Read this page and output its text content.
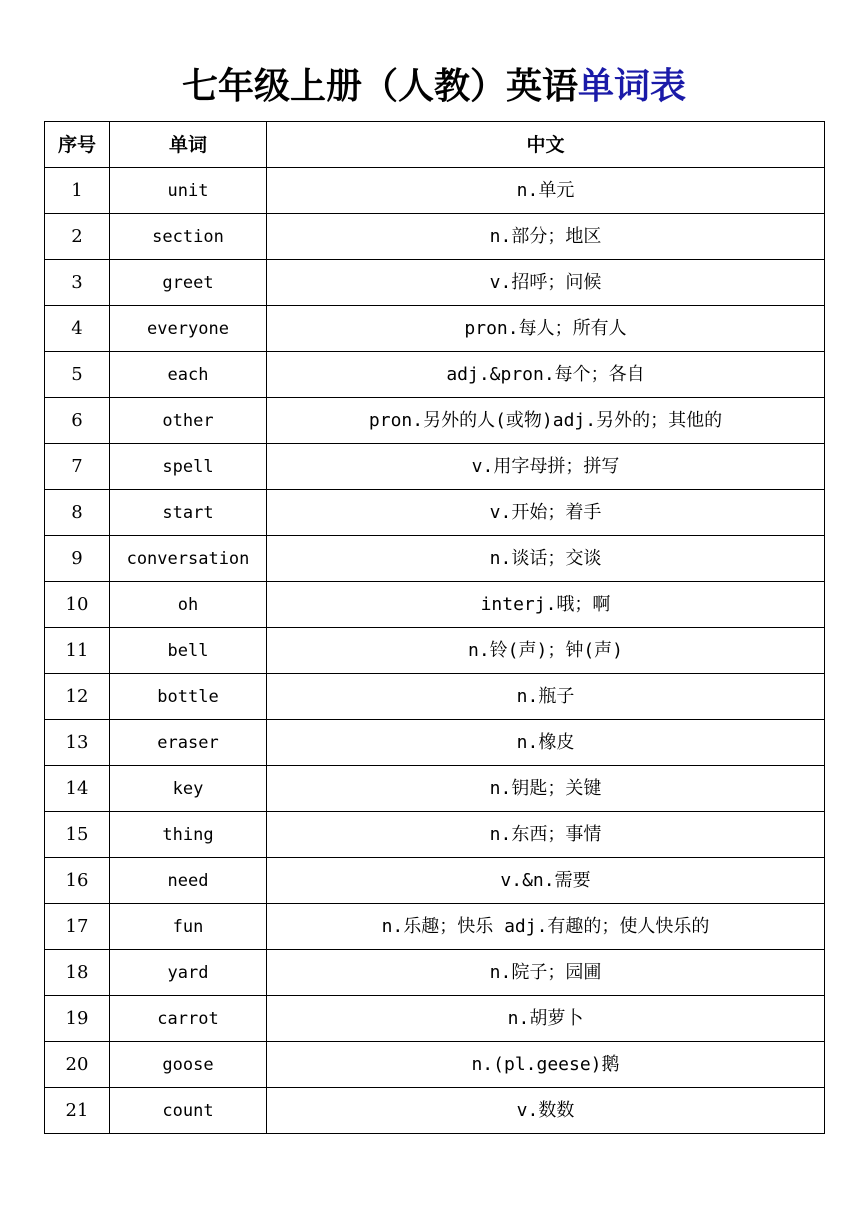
七年级上册（人教）英语单词表
序号	单词	中文
1	unit	n.单元
2	section	n.部分；地区
3	greet	v.招呼；问候
4	everyone	pron.每人；所有人
5	each	adj.&pron.每个；各自
6	other	pron.另外的人(或物)adj.另外的；其他的
7	spell	v.用字母拼；拼写
8	start	v.开始；着手
9	conversation	n.谈话；交谈
10	oh	interj.哦；啊
11	bell	n.铃(声)；钟(声)
12	bottle	n.瓶子
13	eraser	n.橡皮
14	key	n.钥匙；关键
15	thing	n.东西；事情
16	need	v.&n.需要
17	fun	n.乐趣；快乐 adj.有趣的；使人快乐的
18	yard	n.院子；园圃
19	carrot	n.胡萝卜
20	goose	n.(pl.geese)鹅
21	count	v.数数
